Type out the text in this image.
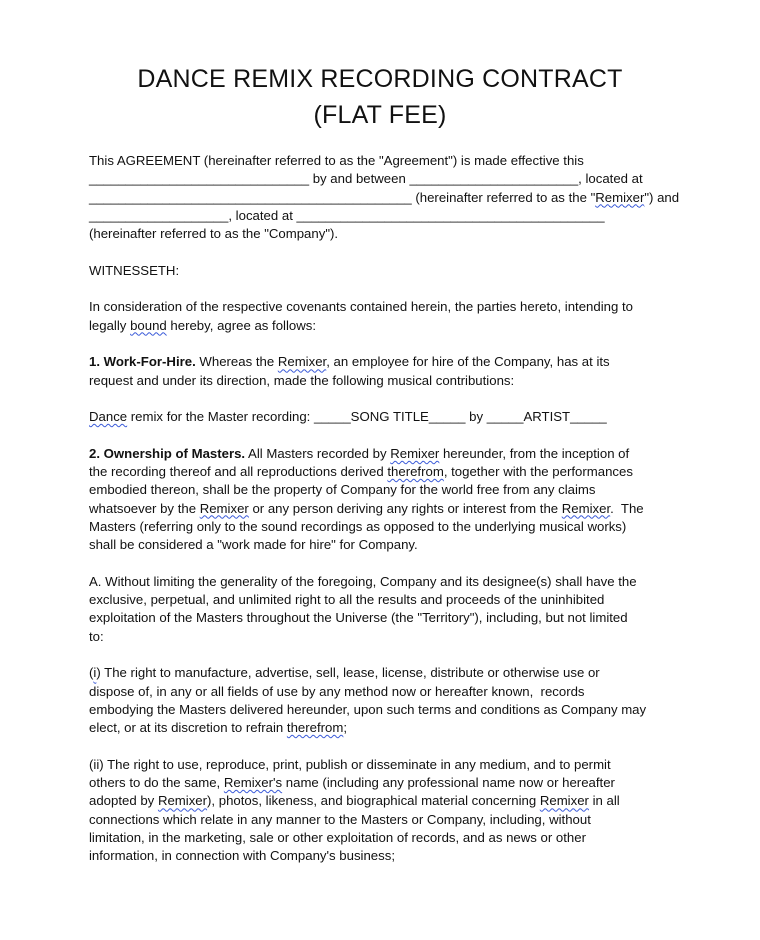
DANCE REMIX RECORDING CONTRACT
(FLAT FEE)

This AGREEMENT (hereinafter referred to as the "Agreement") is made effective this
______________________________ by and between _______________________, located at
____________________________________________ (hereinafter referred to as the "Remixer") and
___________________, located at __________________________________________
(hereinafter referred to as the "Company").

WITNESSETH:

In consideration of the respective covenants contained herein, the parties hereto, intending to
legally bound hereby, agree as follows:

1. Work-For-Hire. Whereas the Remixer, an employee for hire of the Company, has at its
request and under its direction, made the following musical contributions:

Dance remix for the Master recording: _____SONG TITLE_____ by _____ARTIST_____

2. Ownership of Masters. All Masters recorded by Remixer hereunder, from the inception of
the recording thereof and all reproductions derived therefrom, together with the performances
embodied thereon, shall be the property of Company for the world free from any claims
whatsoever by the Remixer or any person deriving any rights or interest from the Remixer.  The
Masters (referring only to the sound recordings as opposed to the underlying musical works)
shall be considered a "work made for hire" for Company.

A. Without limiting the generality of the foregoing, Company and its designee(s) shall have the
exclusive, perpetual, and unlimited right to all the results and proceeds of the uninhibited
exploitation of the Masters throughout the Universe (the "Territory"), including, but not limited
to:

(i) The right to manufacture, advertise, sell, lease, license, distribute or otherwise use or
dispose of, in any or all fields of use by any method now or hereafter known,  records
embodying the Masters delivered hereunder, upon such terms and conditions as Company may
elect, or at its discretion to refrain therefrom;

(ii) The right to use, reproduce, print, publish or disseminate in any medium, and to permit
others to do the same, Remixer's name (including any professional name now or hereafter
adopted by Remixer), photos, likeness, and biographical material concerning Remixer in all
connections which relate in any manner to the Masters or Company, including, without
limitation, in the marketing, sale or other exploitation of records, and as news or other
information, in connection with Company's business;
